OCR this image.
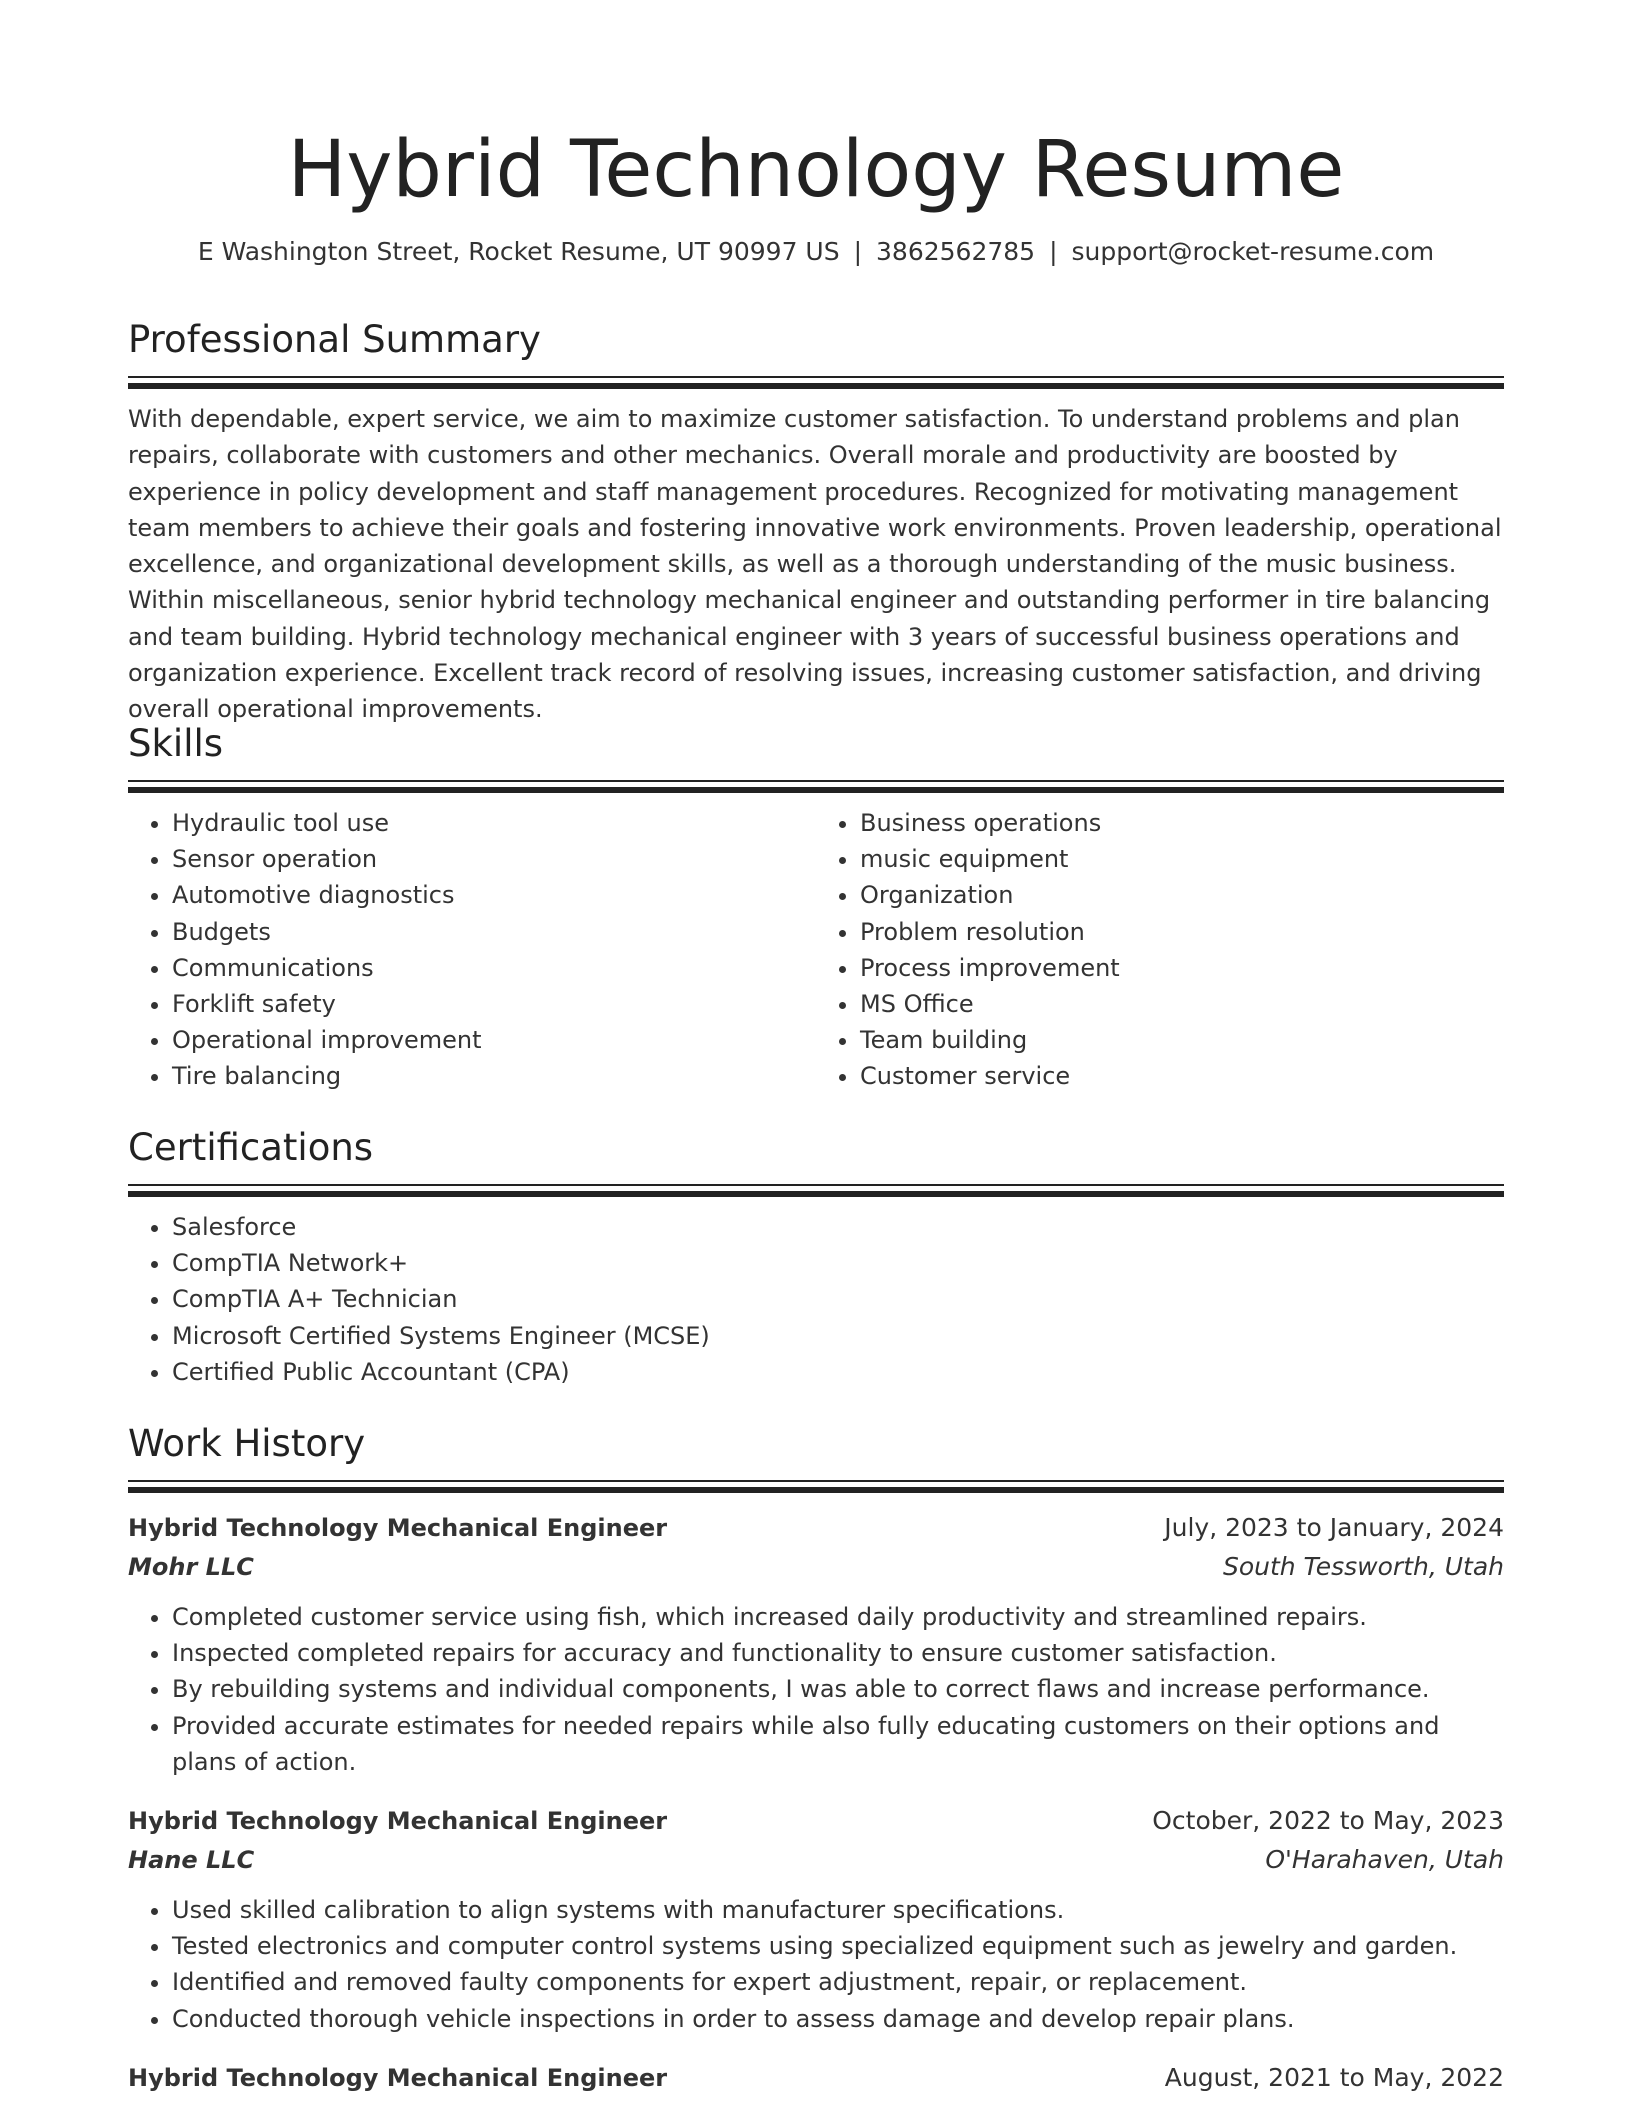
Hybrid Technology Resume
E Washington Street, Rocket Resume, UT 90997 US | 3862562785 | support@rocket-resume.com
Professional Summary
With dependable, expert service, we aim to maximize customer satisfaction. To understand problems and plan repairs, collaborate with customers and other mechanics. Overall morale and productivity are boosted by experience in policy development and staff management procedures. Recognized for motivating management team members to achieve their goals and fostering innovative work environments. Proven leadership, operational excellence, and organizational development skills, as well as a thorough understanding of the music business. Within miscellaneous, senior hybrid technology mechanical engineer and outstanding performer in tire balancing and team building. Hybrid technology mechanical engineer with 3 years of successful business operations and organization experience. Excellent track record of resolving issues, increasing customer satisfaction, and driving overall operational improvements.
Skills
• Hydraulic tool use
• Sensor operation
• Automotive diagnostics
• Budgets
• Communications
• Forklift safety
• Operational improvement
• Tire balancing
• Business operations
• music equipment
• Organization
• Problem resolution
• Process improvement
• MS Office
• Team building
• Customer service
Certifications
• Salesforce
• CompTIA Network+
• CompTIA A+ Technician
• Microsoft Certified Systems Engineer (MCSE)
• Certified Public Accountant (CPA)
Work History
Hybrid Technology Mechanical Engineer	July, 2023 to January, 2024
Mohr LLC	South Tessworth, Utah
• Completed customer service using fish, which increased daily productivity and streamlined repairs.
• Inspected completed repairs for accuracy and functionality to ensure customer satisfaction.
• By rebuilding systems and individual components, I was able to correct flaws and increase performance.
• Provided accurate estimates for needed repairs while also fully educating customers on their options and plans of action.
Hybrid Technology Mechanical Engineer	October, 2022 to May, 2023
Hane LLC	O'Harahaven, Utah
• Used skilled calibration to align systems with manufacturer specifications.
• Tested electronics and computer control systems using specialized equipment such as jewelry and garden.
• Identified and removed faulty components for expert adjustment, repair, or replacement.
• Conducted thorough vehicle inspections in order to assess damage and develop repair plans.
Hybrid Technology Mechanical Engineer	August, 2021 to May, 2022
